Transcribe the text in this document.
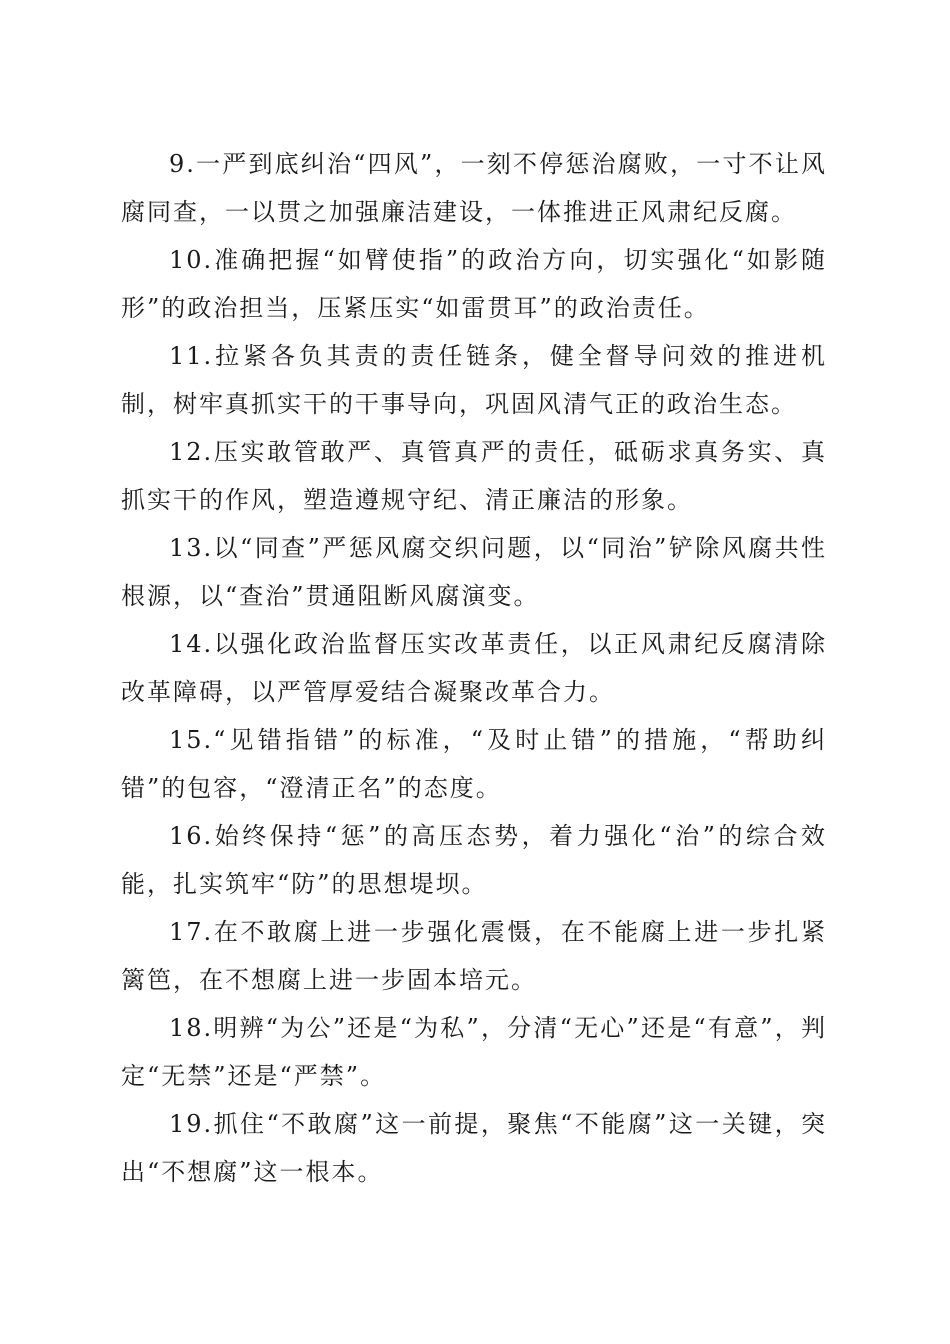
9.一严到底纠治“四风”，一刻不停惩治腐败，一寸不让风腐同查，一以贯之加强廉洁建设，一体推进正风肃纪反腐。

10.准确把握“如臂使指”的政治方向，切实强化“如影随形”的政治担当，压紧压实“如雷贯耳”的政治责任。

11.拉紧各负其责的责任链条，健全督导问效的推进机制，树牢真抓实干的干事导向，巩固风清气正的政治生态。

12.压实敢管敢严、真管真严的责任，砥砺求真务实、真抓实干的作风，塑造遵规守纪、清正廉洁的形象。

13.以“同查”严惩风腐交织问题，以“同治”铲除风腐共性根源，以“查治”贯通阻断风腐演变。

14.以强化政治监督压实改革责任，以正风肃纪反腐清除改革障碍，以严管厚爱结合凝聚改革合力。

15.“见错指错”的标准，“及时止错”的措施，“帮助纠错”的包容，“澄清正名”的态度。

16.始终保持“惩”的高压态势，着力强化“治”的综合效能，扎实筑牢“防”的思想堤坝。

17.在不敢腐上进一步强化震慑，在不能腐上进一步扎紧篱笆，在不想腐上进一步固本培元。

18.明辨“为公”还是“为私”，分清“无心”还是“有意”，判定“无禁”还是“严禁”。

19.抓住“不敢腐”这一前提，聚焦“不能腐”这一关键，突出“不想腐”这一根本。
